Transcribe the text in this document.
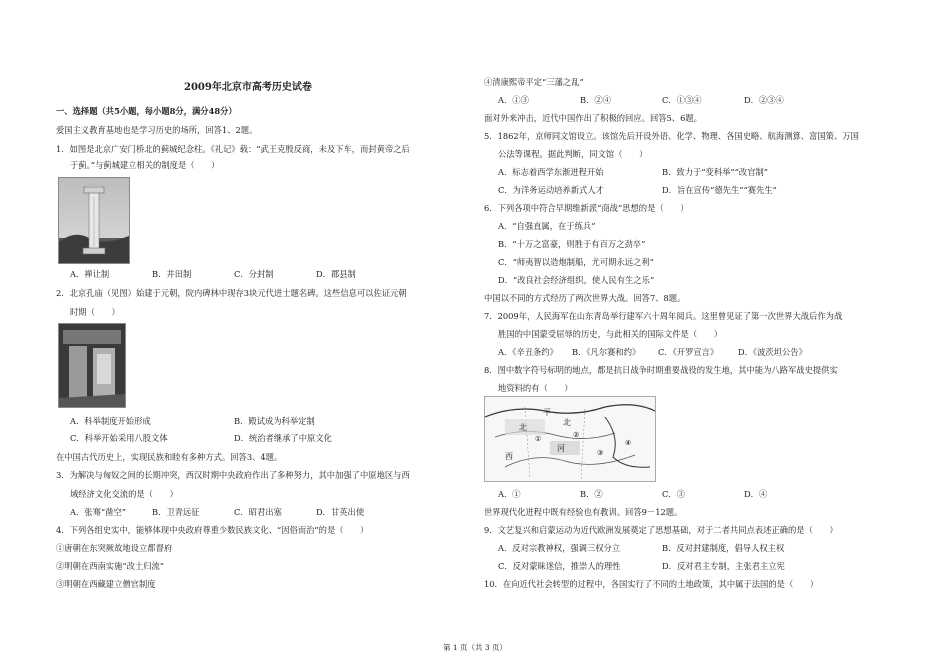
2009年北京市高考历史试卷
一、选择题（共5小题，每小题8分，满分48分）
爱国主义教育基地也是学习历史的场所，回答1、2题。
1．如图是北京广安门桥北的蓟城纪念柱。《礼记》载：“武王克殷反商，未及下车，而封黄帝之后
于蓟。”与蓟城建立相关的制度是（　　）
A．禅让制	B．井田制	C．分封制	D．郡县制
2．北京孔庙（见图）始建于元朝，院内碑林中现存3块元代进士题名碑。这些信息可以佐证元朝
时期（　　）
A．科举制度开始形成	B．殿试成为科举定制
C．科举开始采用八股文体	D．统治者继承了中原文化
在中国古代历史上，实现民族和睦有多种方式。回答3、4题。
3．为解决与匈奴之间的长期冲突，西汉时期中央政府作出了多种努力，其中加强了中原地区与西
域经济文化交流的是（　　）
A．张骞“凿空”	B．卫青远征	C．昭君出塞	D．甘英出使
4．下列各组史实中，能够体现中央政府尊重少数民族文化、“因俗而治”的是（　　）
①唐朝在东突厥故地设立都督府
②明朝在西南实施“改土归流”
③明朝在西藏建立僧官制度
④清康熙帝平定“三藩之乱”
A．①③	B．②④	C．①③④	D．②③④
面对外来冲击，近代中国作出了积极的回应。回答5、6题。
5．1862年，京师同文馆设立。该馆先后开设外语、化学、物理、各国史略、航海测算、富国策、万国
公法等课程。据此判断，同文馆（　　）
A．标志着西学东渐进程开始	B．致力于“变科举”“改官制”
C．为洋务运动培养新式人才	D．旨在宣传“德先生”“赛先生”
6．下列各项中符合早期维新派“商战”思想的是（　　）
A．“自强直属，在于练兵”
B．“十万之富豪，则胜于有百万之劲卒”
C．“师夷智以造炮制船，尤可期永远之利”
D．“改良社会经济组织，使人民有生之乐”
中国以不同的方式经历了两次世界大战。回答7、8题。
7．2009年，人民海军在山东青岛举行建军六十周年阅兵。这里曾见证了第一次世界大战后作为战
胜国的中国蒙受屈辱的历史，与此相关的国际文件是（　　）
A．《辛丑条约》 B．《凡尔赛和约》 C．《开罗宣言》 D．《波茨坦公告》
8．图中数字符号标明的地点，都是抗日战争时期重要战役的发生地，其中能为八路军战史提供实
地资料的有（　　）
北
平
北
河
西
①	②
③
④
A．①	B．②	C．③	D．④
世界现代化进程中既有经验也有教训。回答9－12题。
9．文艺复兴和启蒙运动为近代欧洲发展奠定了思想基础，对于二者共同点表述正确的是（　　）
A．反对宗教神权，强调三权分立	B．反对封建制度，倡导人权主权
C．反对蒙昧迷信，推崇人的理性	D．反对君主专制，主张君主立宪
10．在向近代社会转型的过程中，各国实行了不同的土地政策，其中属于法国的是（　　）
第 1 页（共 3 页）
